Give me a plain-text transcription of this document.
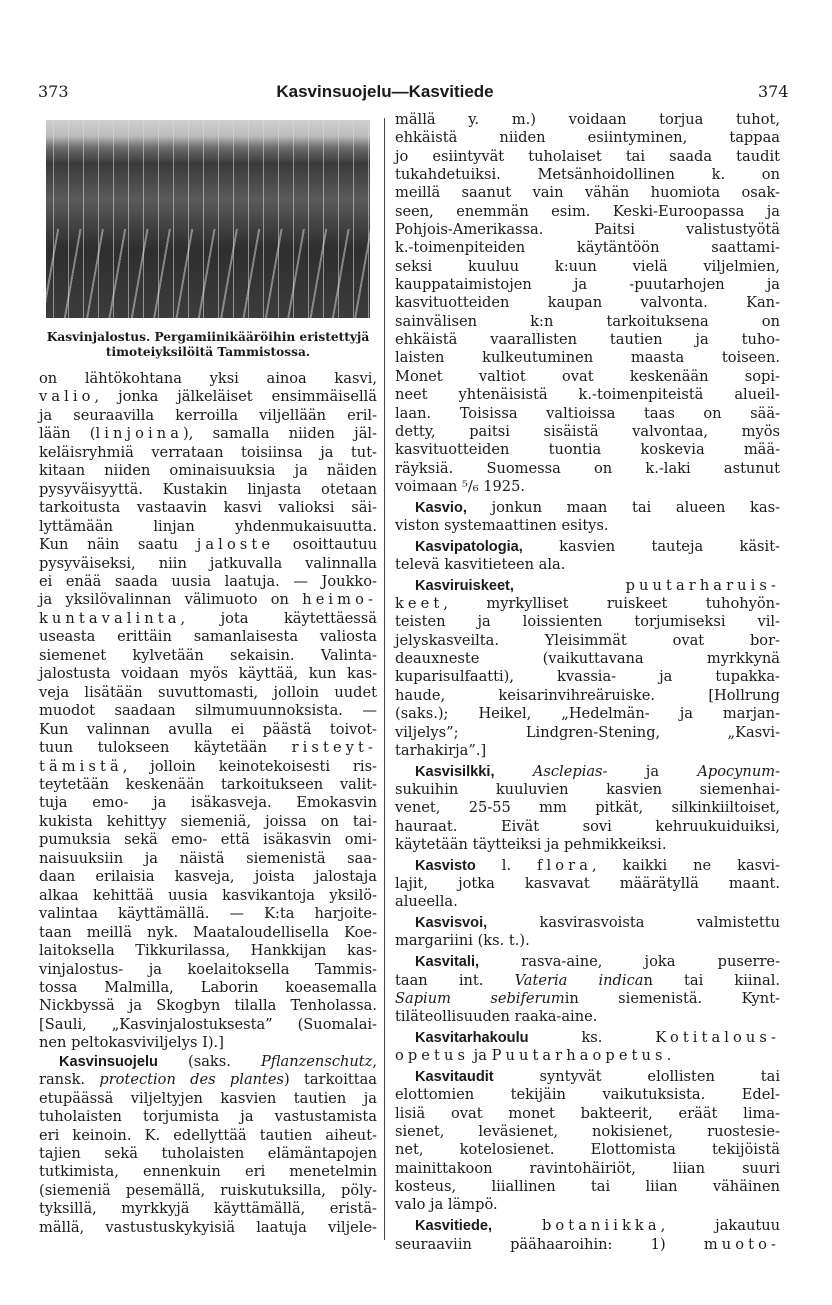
373	Kasvinsuojelu—Kasvitiede	374
Kasvinjalostus. Pergamiinikääröihin eristettyjä
timoteiyksilöitä Tammistossa.
on lähtökohtana yksi ainoa kasvi,
valio, jonka jälkeläiset ensimmäisellä
ja seuraavilla kerroilla viljellään eril-
lään (linjoina), samalla niiden jäl-
keläisryhmiä verrataan toisiinsa ja tut-
kitaan niiden ominaisuuksia ja näiden
pysyväisyyttä. Kustakin linjasta otetaan
tarkoitusta vastaavin kasvi valioksi säi-
lyttämään linjan yhdenmukaisuutta.
Kun näin saatu jaloste osoittautuu
pysyväiseksi, niin jatkuvalla valinnalla
ei enää saada uusia laatuja. — Joukko-
ja yksilövalinnan välimuoto on heimo-
kuntavalinta, jota käytettäessä
useasta erittäin samanlaisesta valiosta
siemenet kylvetään sekaisin. Valinta-
jalostusta voidaan myös käyttää, kun kas-
veja lisätään suvuttomasti, jolloin uudet
muodot saadaan silmumuunnoksista. —
Kun valinnan avulla ei päästä toivot-
tuun tulokseen käytetään risteyt-
tämistä, jolloin keinotekoisesti ris-
teytetään keskenään tarkoitukseen valit-
tuja emo- ja isäkasveja. Emokasvin
kukista kehittyy siemeniä, joissa on tai-
pumuksia sekä emo- että isäkasvin omi-
naisuuksiin ja näistä siemenistä saa-
daan erilaisia kasveja, joista jalostaja
alkaa kehittää uusia kasvikantoja yksilö-
valintaa käyttämällä. — K:ta harjoite-
taan meillä nyk. Maataloudellisella Koe-
laitoksella Tikkurilassa, Hankkijan kas-
vinjalostus- ja koelaitoksella Tammis-
tossa Malmilla, Laborin koeasemalla
Nickbyssä ja Skogbyn tilalla Tenholassa.
[Sauli, „Kasvinjalostuksesta” (Suomalai-
nen peltokasviviljelys I).]
Kasvinsuojelu (saks. Pflanzenschutz,
ransk. protection des plantes) tarkoittaa
etupäässä viljeltyjen kasvien tautien ja
tuholaisten torjumista ja vastustamista
eri keinoin. K. edellyttää tautien aiheut-
tajien sekä tuholaisten elämäntapojen
tutkimista, ennenkuin eri menetelmin
(siemeniä pesemällä, ruiskutuksilla, pöly-
tyksillä, myrkkyjä käyttämällä, eristä-
mällä, vastustuskykyisiä laatuja viljele-
mällä y. m.) voidaan torjua tuhot,
ehkäistä niiden esiintyminen, tappaa
jo esiintyvät tuholaiset tai saada taudit
tukahdetuiksi. Metsänhoidollinen k. on
meillä saanut vain vähän huomiota osak-
seen, enemmän esim. Keski-Euroopassa ja
Pohjois-Amerikassa. Paitsi valistustyötä
k.-toimenpiteiden käytäntöön saattami-
seksi kuuluu k:uun vielä viljelmien,
kauppataimistojen ja -puutarhojen ja
kasvituotteiden kaupan valvonta. Kan-
sainvälisen k:n tarkoituksena on
ehkäistä vaarallisten tautien ja tuho-
laisten kulkeutuminen maasta toiseen.
Monet valtiot ovat keskenään sopi-
neet yhtenäisistä k.-toimenpiteistä alueil-
laan. Toisissa valtioissa taas on sää-
detty, paitsi sisäistä valvontaa, myös
kasvituotteiden tuontia koskevia mää-
räyksiä. Suomessa on k.-laki astunut
voimaan ⁵/₆ 1925.
Kasvio, jonkun maan tai alueen kas-
viston systemaattinen esitys.
Kasvipatologia, kasvien tauteja käsit-
televä kasvitieteen ala.
Kasviruiskeet,	puutarharuis-
keet, myrkylliset ruiskeet tuhohyön-
teisten ja loissienten torjumiseksi vil-
jelyskasveilta. Yleisimmät ovat bor-
deauxneste (vaikuttavana myrkkynä
kuparisulfaatti), kvassia- ja tupakka-
haude, keisarinvihreäruiske. [Hollrung
(saks.); Heikel, „Hedelmän- ja marjan-
viljelys”; Lindgren-Stening, „Kasvi-
tarhakirja”.]
Kasvisilkki,	Asclepias- ja Apocynum-
sukuihin kuuluvien kasvien siemenhai-
venet, 25-55 mm pitkät, silkinkiiltoiset,
hauraat. Eivät sovi kehruukuiduiksi,
käytetään täytteiksi ja pehmikkeiksi.
Kasvisto l. flora, kaikki ne kasvi-
lajit, jotka kasvavat määrätyllä maant.
alueella.
Kasvisvoi, kasvirasvoista valmistettu
margariini (ks. t.).
Kasvitali, rasva-aine, joka puserre-
taan int. Vateria indican tai kiinal.
Sapium sebiferumin siemenistä. Kynt-
tiläteollisuuden raaka-aine.
Kasvitarhakoulu ks. Kotitalous-
opetus ja Puutarhaopetus.
Kasvitaudit syntyvät elollisten tai
elottomien tekijäin vaikutuksista. Edel-
lisiä ovat monet bakteerit, eräät lima-
sienet, leväsienet, nokisienet, ruostesie-
net, kotelosienet. Elottomista tekijöistä
mainittakoon ravintohäiriöt, liian suuri
kosteus, liiallinen tai liian vähäinen
valo ja lämpö.
Kasvitiede,	botaniikka, jakautuu
seuraaviin päähaaroihin: 1) muoto-
